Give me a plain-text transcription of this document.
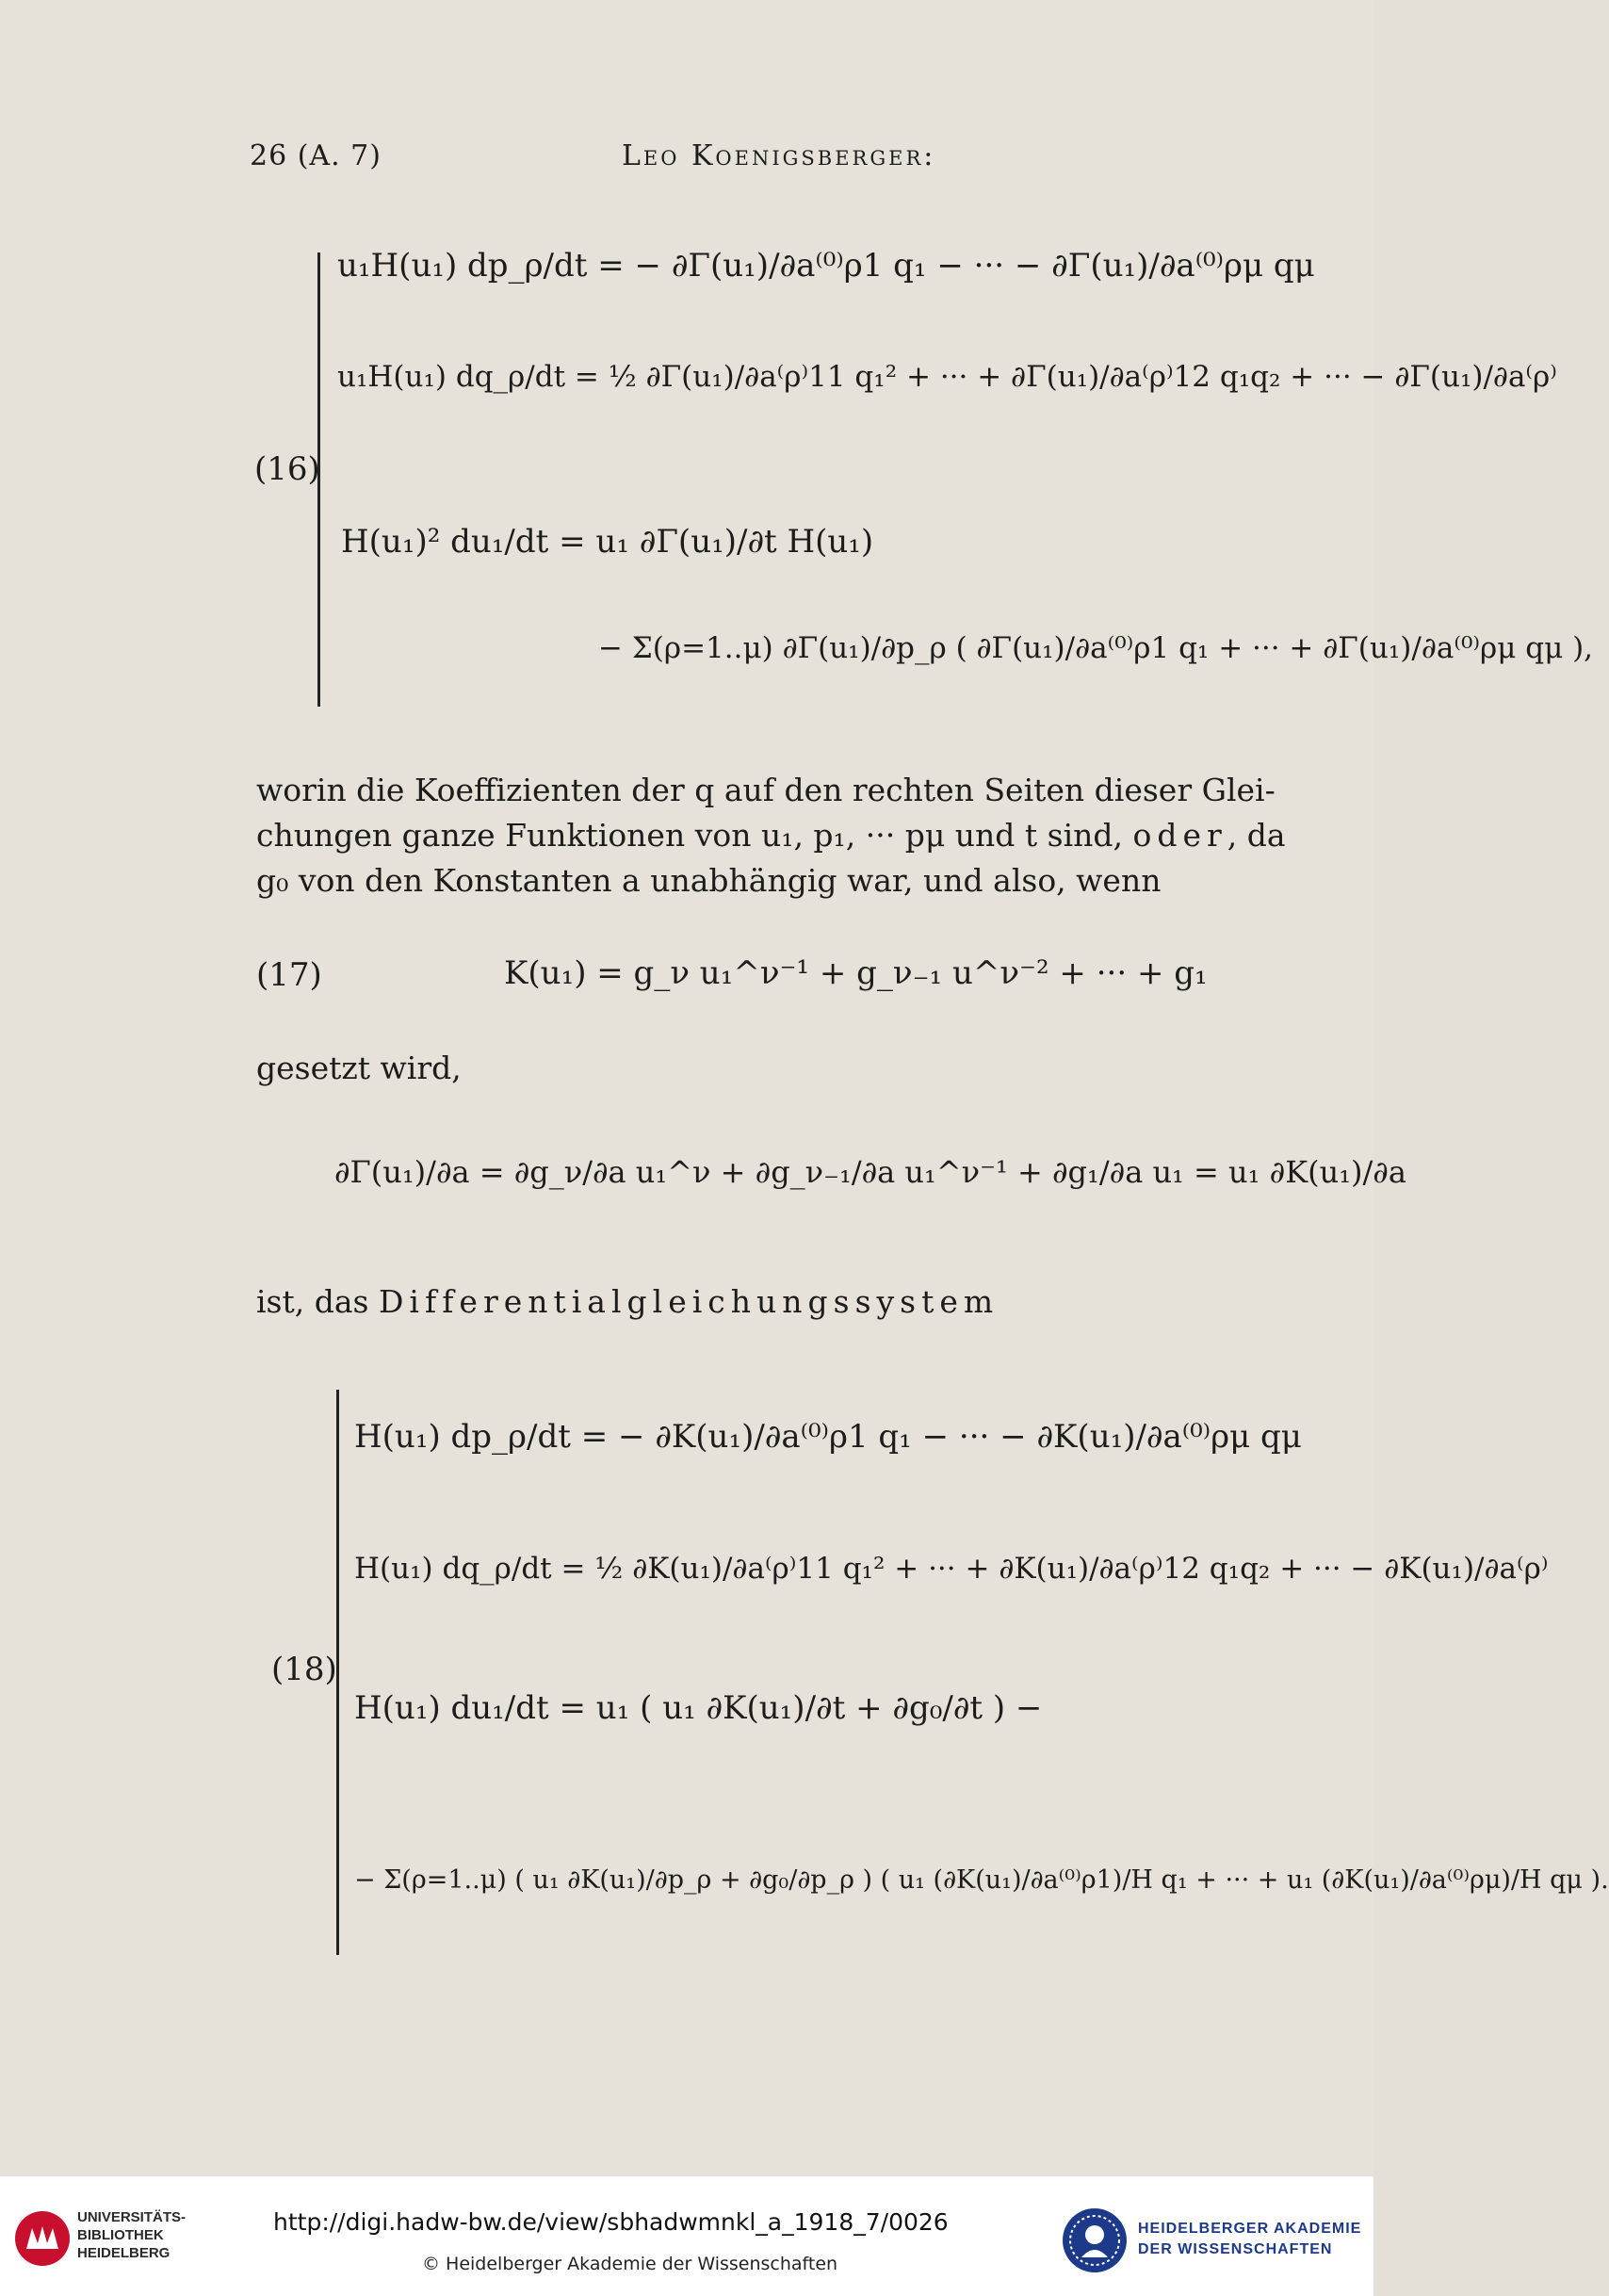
26 (A. 7)	Leo Koenigsberger:
(16)
u₁H(u₁) dp_ρ/dt = − ∂Γ(u₁)/∂a⁽⁰⁾ρ1 q₁ − ··· − ∂Γ(u₁)/∂a⁽⁰⁾ρμ qμ
u₁H(u₁) dq_ρ/dt = ½ ∂Γ(u₁)/∂a⁽ρ⁾11 q₁² + ··· + ∂Γ(u₁)/∂a⁽ρ⁾12 q₁q₂ + ··· − ∂Γ(u₁)/∂a⁽ρ⁾
H(u₁)² du₁/dt = u₁ ∂Γ(u₁)/∂t H(u₁)
− Σ(ρ=1..μ) ∂Γ(u₁)/∂p_ρ ( ∂Γ(u₁)/∂a⁽⁰⁾ρ1 q₁ + ··· + ∂Γ(u₁)/∂a⁽⁰⁾ρμ qμ ),
worin die Koeffizienten der q auf den rechten Seiten dieser Glei-
chungen ganze Funktionen von u₁, p₁, ··· pμ und t sind, oder, da
g₀ von den Konstanten a unabhängig war, und also, wenn
(17)	K(u₁) = g_ν u₁^ν⁻¹ + g_ν₋₁ u^ν⁻² + ··· + g₁
gesetzt wird,
∂Γ(u₁)/∂a = ∂g_ν/∂a u₁^ν + ∂g_ν₋₁/∂a u₁^ν⁻¹ + ∂g₁/∂a u₁ = u₁ ∂K(u₁)/∂a
ist, das Differentialgleichungssystem
(18)
H(u₁) dp_ρ/dt = − ∂K(u₁)/∂a⁽⁰⁾ρ1 q₁ − ··· − ∂K(u₁)/∂a⁽⁰⁾ρμ qμ
H(u₁) dq_ρ/dt = ½ ∂K(u₁)/∂a⁽ρ⁾11 q₁² + ··· + ∂K(u₁)/∂a⁽ρ⁾12 q₁q₂ + ··· − ∂K(u₁)/∂a⁽ρ⁾
H(u₁) du₁/dt = u₁ ( u₁ ∂K(u₁)/∂t + ∂g₀/∂t ) −
− Σ(ρ=1..μ) ( u₁ ∂K(u₁)/∂p_ρ + ∂g₀/∂p_ρ ) ( u₁ (∂K(u₁)/∂a⁽⁰⁾ρ1)/H q₁ + ··· + u₁ (∂K(u₁)/∂a⁽⁰⁾ρμ)/H qμ ).
UNIVERSITÄTS- BIBLIOTHEK HEIDELBERG
http://digi.hadw-bw.de/view/sbhadwmnkl_a_1918_7/0026
© Heidelberger Akademie der Wissenschaften
HEIDELBERGER AKADEMIE DER WISSENSCHAFTEN
